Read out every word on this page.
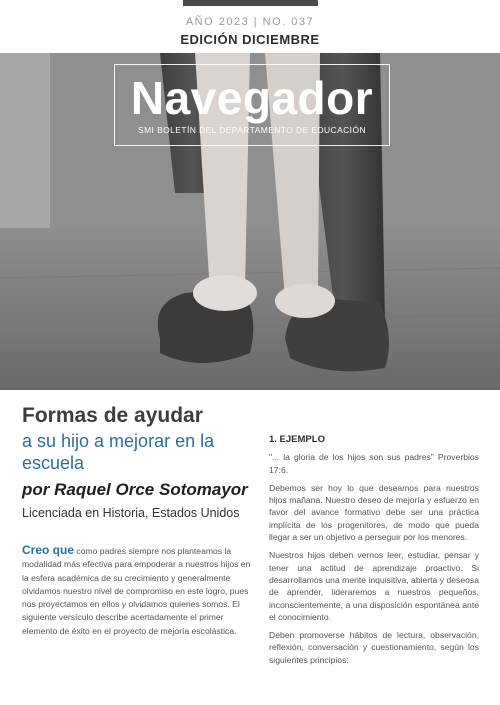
AÑO 2023 | NO. 037
EDICIÓN DICIEMBRE
Navegador
SMI BOLETÍN DEL DEPARTAMENTO DE EDUCACIÓN
Formas de ayudar
a su hijo a mejorar en la escuela
por Raquel Orce Sotomayor
Licenciada en Historia, Estados Unidos
Creo que como padres siempre nos planteamos la modalidad más efectiva para empoderar a nuestros hijos en la esfera académica de su crecimiento y generalmente olvidamos nuestro nivel de compromiso en este logro, pues nos proyectamos en ellos y olvidamos quienes somos. El siguiente versículo describe acertadamente el primer elemento de éxito en el proyecto de mejoría escolástica.
1. EJEMPLO
"... la gloria de los hijos son sus padres" Proverbios 17:6.
Debemos ser hoy lo que deseamos para nuestros hijos mañana. Nuestro deseo de mejoría y esfuerzo en favor del avance formativo debe ser una práctica implícita de los progenitores, de modo que pueda llegar a ser un objetivo a perseguir por los menores.
Nuestros hijos deben vernos leer, estudiar, pensar y tener una actitud de aprendizaje proactivo. Si desarrollamos una mente inquisitiva, abierta y deseosa de aprender, lideraremos a nuestros pequeños, inconscientemente, a una disposición espontánea ante el conocimiento.
Deben promoverse hábitos de lectura, observación, reflexión, conversación y cuestionamiento, según los siguientes principios:
